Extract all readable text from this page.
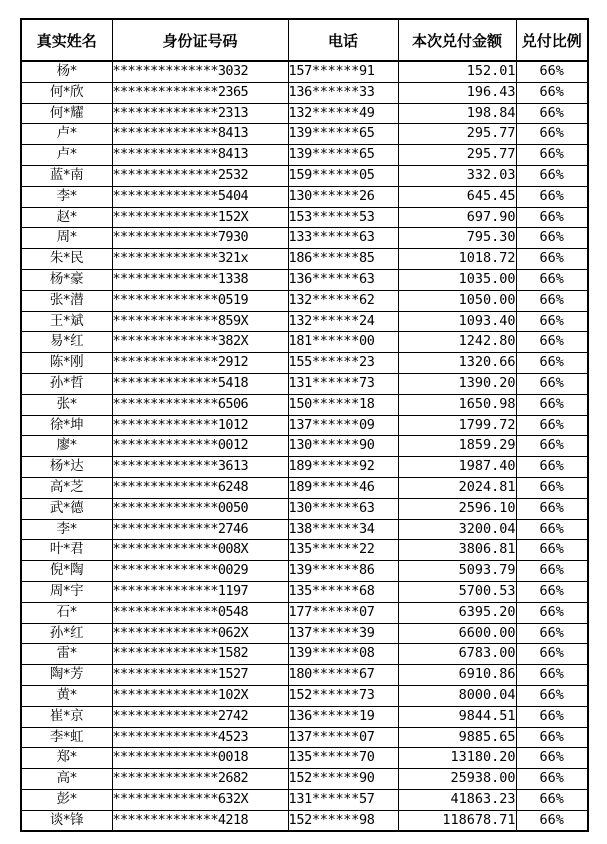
真实姓名	身份证号码	电话	本次兑付金额	兑付比例
杨*	**************3032	157******91	152.01	66%
何*欣	**************2365	136******33	196.43	66%
何*耀	**************2313	132******49	198.84	66%
卢*	**************8413	139******65	295.77	66%
卢*	**************8413	139******65	295.77	66%
蓝*南	**************2532	159******05	332.03	66%
李*	**************5404	130******26	645.45	66%
赵*	**************152X	153******53	697.90	66%
周*	**************7930	133******63	795.30	66%
朱*民	**************321x	186******85	1018.72	66%
杨*豪	**************1338	136******63	1035.00	66%
张*潜	**************0519	132******62	1050.00	66%
王*斌	**************859X	132******24	1093.40	66%
易*红	**************382X	181******00	1242.80	66%
陈*刚	**************2912	155******23	1320.66	66%
孙*哲	**************5418	131******73	1390.20	66%
张*	**************6506	150******18	1650.98	66%
徐*坤	**************1012	137******09	1799.72	66%
廖*	**************0012	130******90	1859.29	66%
杨*达	**************3613	189******92	1987.40	66%
高*芝	**************6248	189******46	2024.81	66%
武*德	**************0050	130******63	2596.10	66%
李*	**************2746	138******34	3200.04	66%
叶*君	**************008X	135******22	3806.81	66%
倪*陶	**************0029	139******86	5093.79	66%
周*宇	**************1197	135******68	5700.53	66%
石*	**************0548	177******07	6395.20	66%
孙*红	**************062X	137******39	6600.00	66%
雷*	**************1582	139******08	6783.00	66%
陶*芳	**************1527	180******67	6910.86	66%
黄*	**************102X	152******73	8000.04	66%
崔*京	**************2742	136******19	9844.51	66%
李*虹	**************4523	137******07	9885.65	66%
郑*	**************0018	135******70	13180.20	66%
高*	**************2682	152******90	25938.00	66%
彭*	**************632X	131******57	41863.23	66%
谈*锋	**************4218	152******98	118678.71	66%
